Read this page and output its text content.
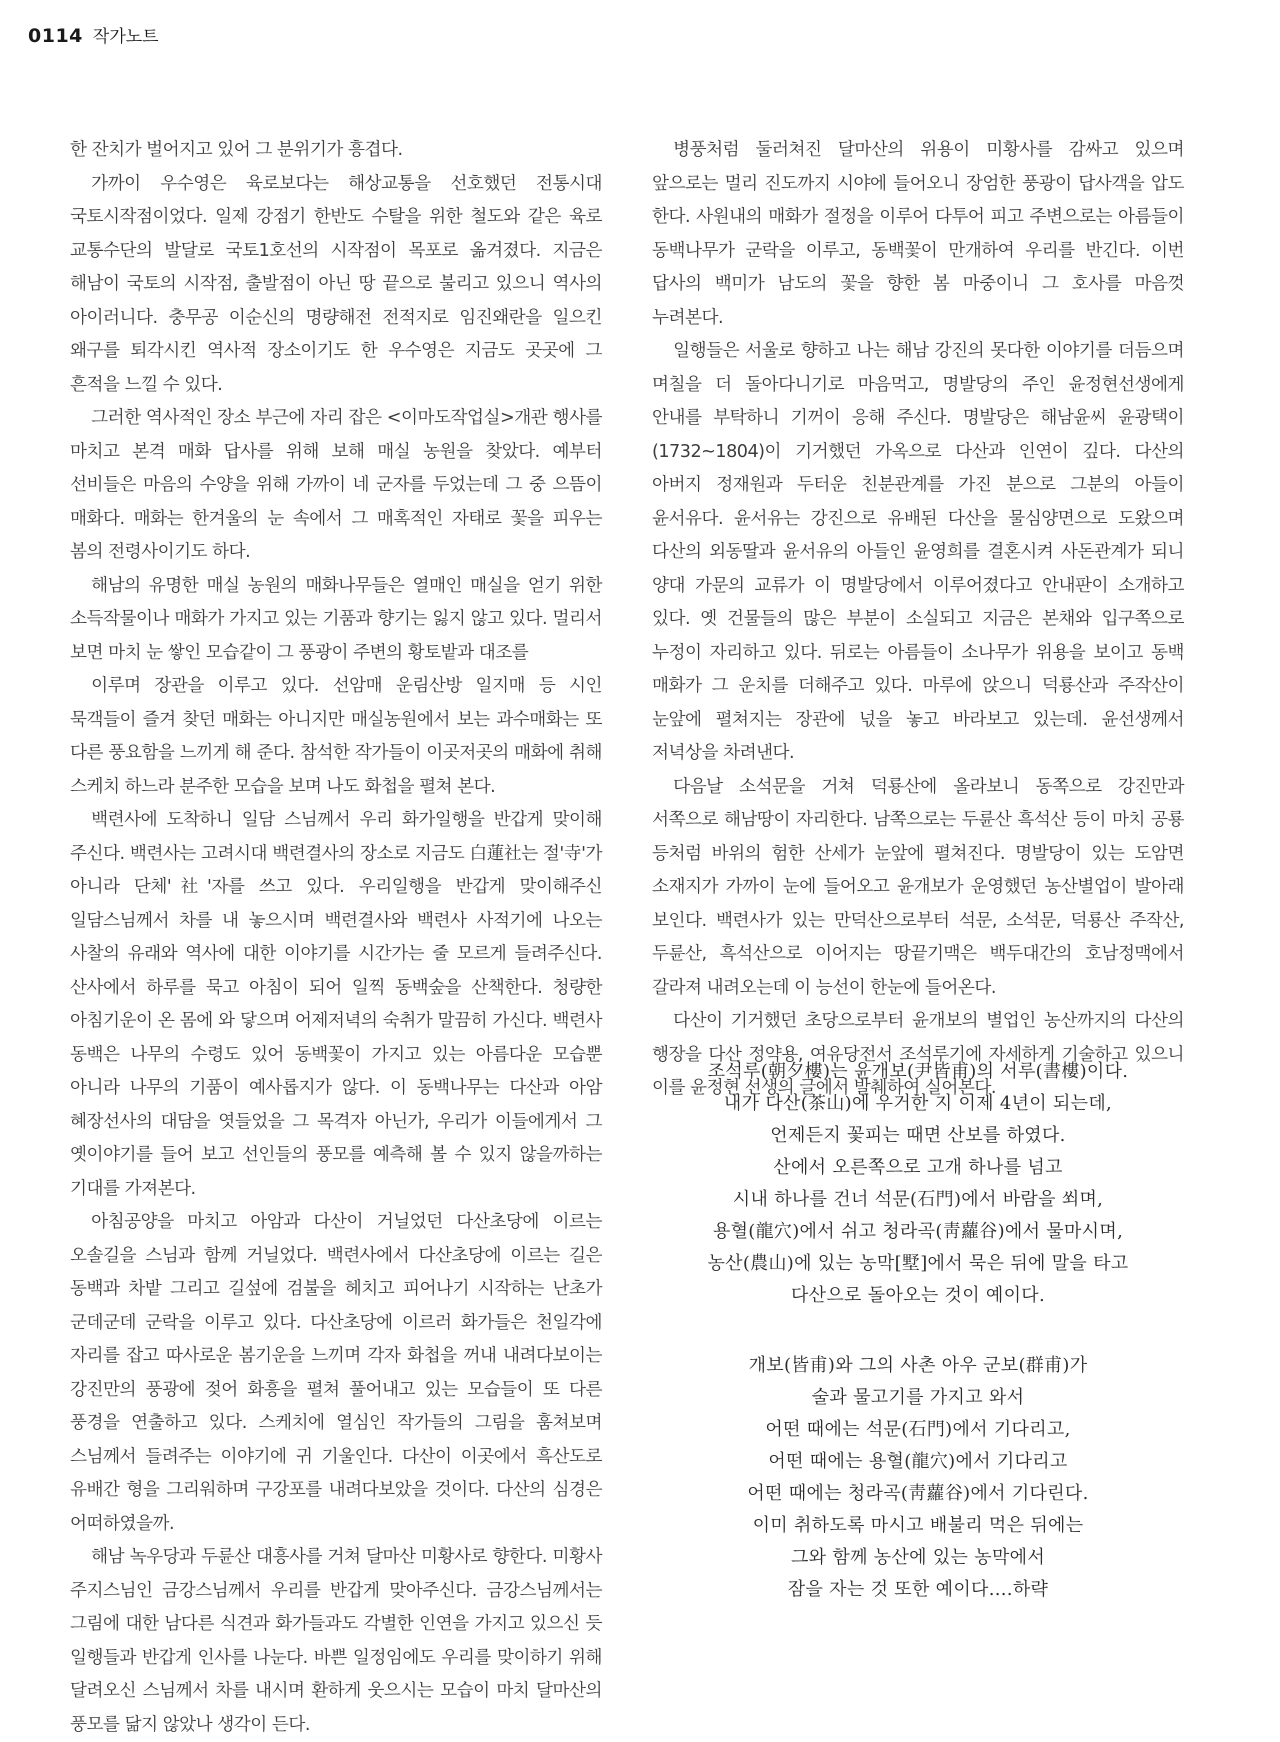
0114 작가노트

한 잔치가 벌어지고 있어 그 분위기가 흥겹다.

가까이 우수영은 육로보다는 해상교통을 선호했던 전통시대 국토시작점이었다. 일제 강점기 한반도 수탈을 위한 철도와 같은 육로 교통수단의 발달로 국토1호선의 시작점이 목포로 옮겨졌다. 지금은 해남이 국토의 시작점, 출발점이 아닌 땅 끝으로 불리고 있으니 역사의 아이러니다. 충무공 이순신의 명량해전 전적지로 임진왜란을 일으킨 왜구를 퇴각시킨 역사적 장소이기도 한 우수영은 지금도 곳곳에 그 흔적을 느낄 수 있다.

그러한 역사적인 장소 부근에 자리 잡은 <이마도작업실>개관 행사를 마치고 본격 매화 답사를 위해 보해 매실 농원을 찾았다. 예부터 선비들은 마음의 수양을 위해 가까이 네 군자를 두었는데 그 중 으뜸이 매화다. 매화는 한겨울의 눈 속에서 그 매혹적인 자태로 꽃을 피우는 봄의 전령사이기도 하다.

해남의 유명한 매실 농원의 매화나무들은 열매인 매실을 얻기 위한 소득작물이나 매화가 가지고 있는 기품과 향기는 잃지 않고 있다. 멀리서 보면 마치 눈 쌓인 모습같이 그 풍광이 주변의 황토밭과 대조를

이루며 장관을 이루고 있다. 선암매 운림산방 일지매 등 시인 묵객들이 즐겨 찾던 매화는 아니지만 매실농원에서 보는 과수매화는 또 다른 풍요함을 느끼게 해 준다. 참석한 작가들이 이곳저곳의 매화에 취해 스케치 하느라 분주한 모습을 보며 나도 화첩을 펼쳐 본다.

백련사에 도착하니 일담 스님께서 우리 화가일행을 반갑게 맞이해 주신다. 백련사는 고려시대 백련결사의 장소로 지금도 白蓮社는 절'寺'가 아니라 단체'社'자를 쓰고 있다. 우리일행을 반갑게 맞이해주신 일담스님께서 차를 내 놓으시며 백련결사와 백련사 사적기에 나오는 사찰의 유래와 역사에 대한 이야기를 시간가는 줄 모르게 들려주신다. 산사에서 하루를 묵고 아침이 되어 일찍 동백숲을 산책한다. 청량한 아침기운이 온 몸에 와 닿으며 어제저녁의 숙취가 말끔히 가신다. 백련사 동백은 나무의 수령도 있어 동백꽃이 가지고 있는 아름다운 모습뿐 아니라 나무의 기품이 예사롭지가 않다. 이 동백나무는 다산과 아암 혜장선사의 대담을 엿들었을 그 목격자 아닌가, 우리가 이들에게서 그 옛이야기를 들어 보고 선인들의 풍모를 예측해 볼 수 있지 않을까하는 기대를 가져본다.

아침공양을 마치고 아암과 다산이 거닐었던 다산초당에 이르는 오솔길을 스님과 함께 거닐었다. 백련사에서 다산초당에 이르는 길은 동백과 차밭 그리고 길섶에 검불을 헤치고 피어나기 시작하는 난초가 군데군데 군락을 이루고 있다. 다산초당에 이르러 화가들은 천일각에 자리를 잡고 따사로운 봄기운을 느끼며 각자 화첩을 꺼내 내려다보이는 강진만의 풍광에 젖어 화흥을 펼쳐 풀어내고 있는 모습들이 또 다른 풍경을 연출하고 있다. 스케치에 열심인 작가들의 그림을 훔쳐보며 스님께서 들려주는 이야기에 귀 기울인다. 다산이 이곳에서 흑산도로 유배간 형을 그리워하며 구강포를 내려다보았을 것이다. 다산의 심경은 어떠하였을까.

해남 녹우당과 두륜산 대흥사를 거쳐 달마산 미황사로 향한다. 미황사 주지스님인 금강스님께서 우리를 반갑게 맞아주신다. 금강스님께서는 그림에 대한 남다른 식견과 화가들과도 각별한 인연을 가지고 있으신 듯 일행들과 반갑게 인사를 나눈다. 바쁜 일정임에도 우리를 맞이하기 위해 달려오신 스님께서 차를 내시며 환하게 웃으시는 모습이 마치 달마산의 풍모를 닮지 않았나 생각이 든다.

병풍처럼 둘러쳐진 달마산의 위용이 미황사를 감싸고 있으며 앞으로는 멀리 진도까지 시야에 들어오니 장엄한 풍광이 답사객을 압도 한다. 사원내의 매화가 절정을 이루어 다투어 피고 주변으로는 아름들이 동백나무가 군락을 이루고, 동백꽃이 만개하여 우리를 반긴다. 이번 답사의 백미가 남도의 꽃을 향한 봄 마중이니 그 호사를 마음껏 누려본다.

일행들은 서울로 향하고 나는 해남 강진의 못다한 이야기를 더듬으며 며칠을 더 돌아다니기로 마음먹고, 명발당의 주인 윤정현선생에게 안내를 부탁하니 기꺼이 응해 주신다. 명발당은 해남윤씨 윤광택이(1732~1804)이 기거했던 가옥으로 다산과 인연이 깊다. 다산의 아버지 정재원과 두터운 친분관계를 가진 분으로 그분의 아들이 윤서유다. 윤서유는 강진으로 유배된 다산을 물심양면으로 도왔으며 다산의 외동딸과 윤서유의 아들인 윤영희를 결혼시켜 사돈관계가 되니 양대 가문의 교류가 이 명발당에서 이루어졌다고 안내판이 소개하고 있다. 옛 건물들의 많은 부분이 소실되고 지금은 본채와 입구쪽으로 누정이 자리하고 있다. 뒤로는 아름들이 소나무가 위용을 보이고 동백 매화가 그 운치를 더해주고 있다. 마루에 앉으니 덕룡산과 주작산이 눈앞에 펼쳐지는 장관에 넋을 놓고 바라보고 있는데. 윤선생께서 저녁상을 차려낸다.

다음날 소석문을 거쳐 덕룡산에 올라보니 동쪽으로 강진만과 서쪽으로 해남땅이 자리한다. 남쪽으로는 두륜산 흑석산 등이 마치 공룡 등처럼 바위의 험한 산세가 눈앞에 펼쳐진다. 명발당이 있는 도암면 소재지가 가까이 눈에 들어오고 윤개보가 운영했던 농산별업이 발아래 보인다. 백련사가 있는 만덕산으로부터 석문, 소석문, 덕룡산 주작산,두륜산, 흑석산으로 이어지는 땅끝기맥은 백두대간의 호남정맥에서 갈라져 내려오는데 이 능선이 한눈에 들어온다.

다산이 기거했던 초당으로부터 윤개보의 별업인 농산까지의 다산의 행장을 다산 정약용, 여유당전서 조석루기에 자세하게 기술하고 있으니 이를 윤정현 선생의 글에서 발췌하여 실어본다.

조석루(朝夕樓)는 윤개보(尹皆甫)의 서루(書樓)이다.
내가 다산(茶山)에 우거한 지 이제 4년이 되는데,
언제든지 꽃피는 때면 산보를 하였다.
산에서 오른쪽으로 고개 하나를 넘고
시내 하나를 건너 석문(石門)에서 바람을 쐬며,
용혈(龍穴)에서 쉬고 청라곡(靑蘿谷)에서 물마시며,
농산(農山)에 있는 농막[墅]에서 묵은 뒤에 말을 타고
다산으로 돌아오는 것이 예이다.
개보(皆甫)와 그의 사촌 아우 군보(群甫)가
술과 물고기를 가지고 와서
어떤 때에는 석문(石門)에서 기다리고,
어떤 때에는 용혈(龍穴)에서 기다리고
어떤 때에는 청라곡(靑蘿谷)에서 기다린다.
이미 취하도록 마시고 배불리 먹은 뒤에는
그와 함께 농산에 있는 농막에서
잠을 자는 것 또한 예이다....하략
